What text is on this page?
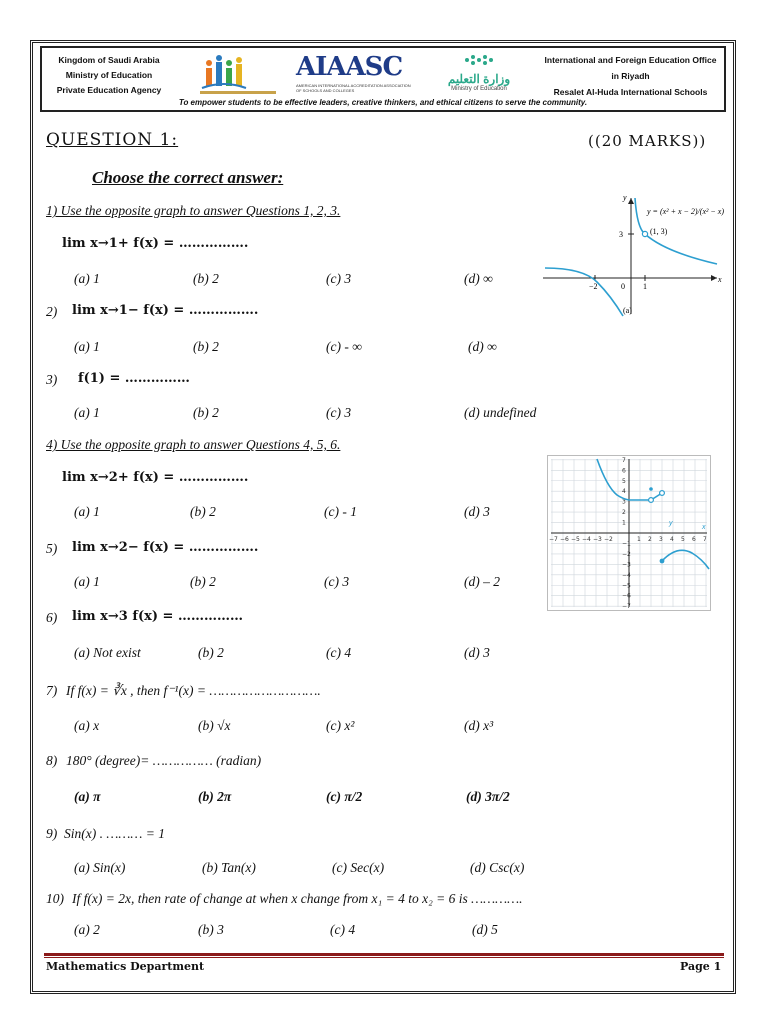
Kingdom of Saudi Arabia
Ministry of Education
Private Education Agency
AIAASC
AMERICAN INTERNATIONAL ACCREDITATION ASSOCIATION OF SCHOOLS AND COLLEGES
وزارة التعليم
Ministry of Education
International and Foreign Education Office
in Riyadh
Resalet Al-Huda International Schools
To empower students to be effective leaders, creative thinkers, and ethical citizens to serve the community.
QUESTION 1:	((20 MARKS))
Choose the correct answer:
1) Use the opposite graph to answer Questions 1, 2, 3.
x
y
3
−2	0 1
(1, 3)
y = (x² + x − 2)/(x² − x)
(a)
lim x→1+ f(x) = …………….
(a) 1	(b) 2	(c) 3	(d) ∞
2) lim x→1− f(x) = …………….
(a) 1	(b) 2	(c) - ∞	(d) ∞
3) f(1) = ……………
(a) 1	(b) 2	(c) 3	(d) undefined
4) Use the opposite graph to answer Questions 4, 5, 6.
x
y
−7 −6 −5 −4 −3 −2	1 2 3 4 5 6 7
7
6
5
4
3
2
1
−1
−2
−3
−4
−5
−6
−7
lim x→2+ f(x) = …………….
(a) 1	(b) 2	(c) - 1	(d) 3
5) lim x→2− f(x) = …………….
(a) 1	(b) 2	(c) 3	(d) – 2
6) lim x→3 f(x) = ……………
(a) Not exist	(b) 2	(c) 4	(d) 3
7) If f(x) = ∛x , then f⁻¹(x) = ……………………….
(a) x	(b) √x	(c) x²	(d) x³
8) 180° (degree)= …………… (radian)
(a) π	(b) 2π	(c) π/2	(d) 3π/2
9) Sin(x) . ……… = 1
(a) Sin(x)	(b) Tan(x)	(c) Sec(x)	(d) Csc(x)
10) If f(x) = 2x, then rate of change at when x change from x₁ = 4 to x₂ = 6 is ………….
(a) 2	(b) 3	(c) 4	(d) 5
Mathematics Department	Page 1
